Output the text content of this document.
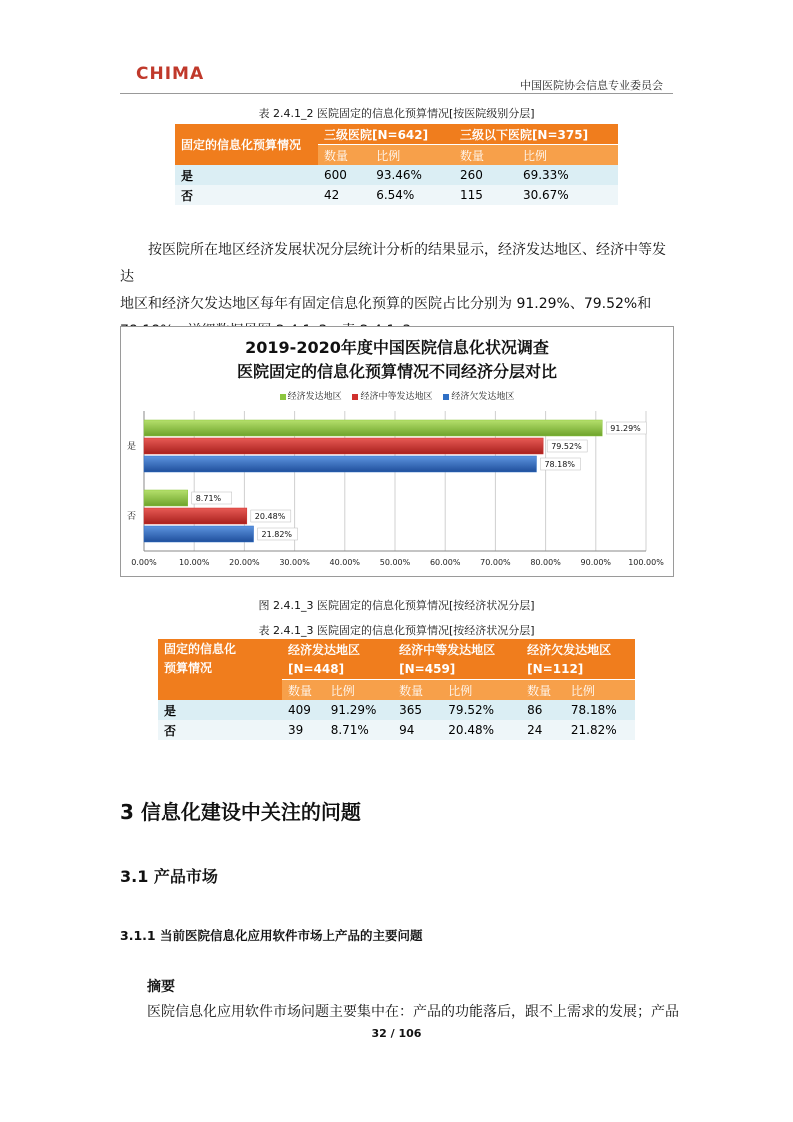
CHIMA
中国医院协会信息专业委员会
表 2.4.1_2 医院固定的信息化预算情况[按医院级别分层]
固定的信息化预算情况	三级医院[N=642]		三级以下医院[N=375]	
	数量	比例	数量	比例
是	600	93.46%	260	69.33%
否	42	6.54%	115	30.67%
按医院所在地区经济发展状况分层统计分析的结果显示，经济发达地区、经济中等发达
地区和经济欠发达地区每年有固定信息化预算的医院占比分别为 91.29%、79.52%和
2019-2020年度中国医院信息化状况调查
医院固定的信息化预算情况不同经济分层对比
经济发达地区 经济中等发达地区 经济欠发达地区
0.00%	10.00% 20.00% 30.00% 40.00% 50.00% 60.00% 70.00% 80.00% 90.00% 100.00%
是
91.29%
79.52%
78.18%
否
8.71%
20.48%
21.82%
图 2.4.1_3 医院固定的信息化预算情况[按经济状况分层]
表 2.4.1_3 医院固定的信息化预算情况[按经济状况分层]
固定的信息化
预算情况	经济发达地区		经济中等发达地区		经济欠发达地区	
	[N=448]		[N=459]		[N=112]	
	数量	比例	数量	比例	数量	比例
是	409	91.29%	365	79.52%	86	78.18%
否	39	8.71%	94	20.48%	24	21.82%
3 信息化建设中关注的问题
3.1 产品市场
3.1.1 当前医院信息化应用软件市场上产品的主要问题
摘要
医院信息化应用软件市场问题主要集中在：产品的功能落后，跟不上需求的发展；产品
32 / 106
